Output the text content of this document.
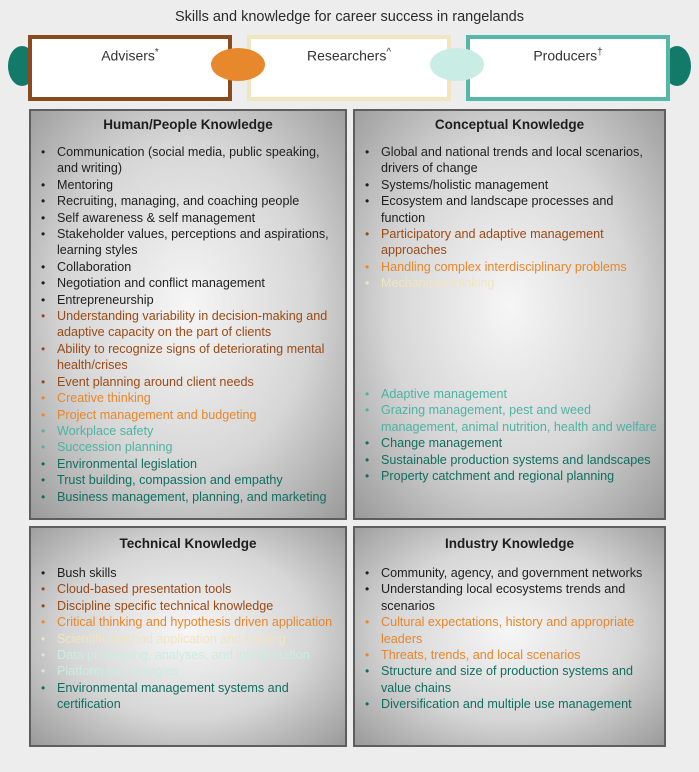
Skills and knowledge for career success in rangelands
Advisers*	Researchers^	Producers†
Human/People Knowledge
• Communication (social media, public speaking, and writing)
• Mentoring
• Recruiting, managing, and coaching people
• Self awareness & self management
• Stakeholder values, perceptions and aspirations, learning styles
• Collaboration
• Negotiation and conflict management
• Entrepreneurship
• Understanding variability in decision-making and adaptive capacity on the part of clients
• Ability to recognize signs of deteriorating mental health/crises
• Event planning around client needs
• Creative thinking
• Project management and budgeting
• Workplace safety
• Succession planning
• Environmental legislation
• Trust building, compassion and empathy
• Business management, planning, and marketing
Conceptual Knowledge
• Global and national trends and local scenarios, drivers of change
• Systems/holistic management
• Ecosystem and landscape processes and function
• Participatory and adaptive management approaches
• Handling complex interdisciplinary problems
• Mechanistic thinking
• Adaptive management
• Grazing management, pest and weed management, animal nutrition, health and welfare
• Change management
• Sustainable production systems and landscapes
• Property catchment and regional planning
Technical Knowledge
• Bush skills
• Cloud-based presentation tools
• Discipline specific technical knowledge
• Critical thinking and hypothesis driven application
• Scientific method application and training
• Data processing, analyses, and interpretation
• Platform technologies
• Environmental management systems and certification
Industry Knowledge
• Community, agency, and government networks
• Understanding local ecosystems trends and scenarios
• Cultural expectations, history and appropriate leaders
• Threats, trends, and local scenarios
• Structure and size of production systems and value chains
• Diversification and multiple use management
